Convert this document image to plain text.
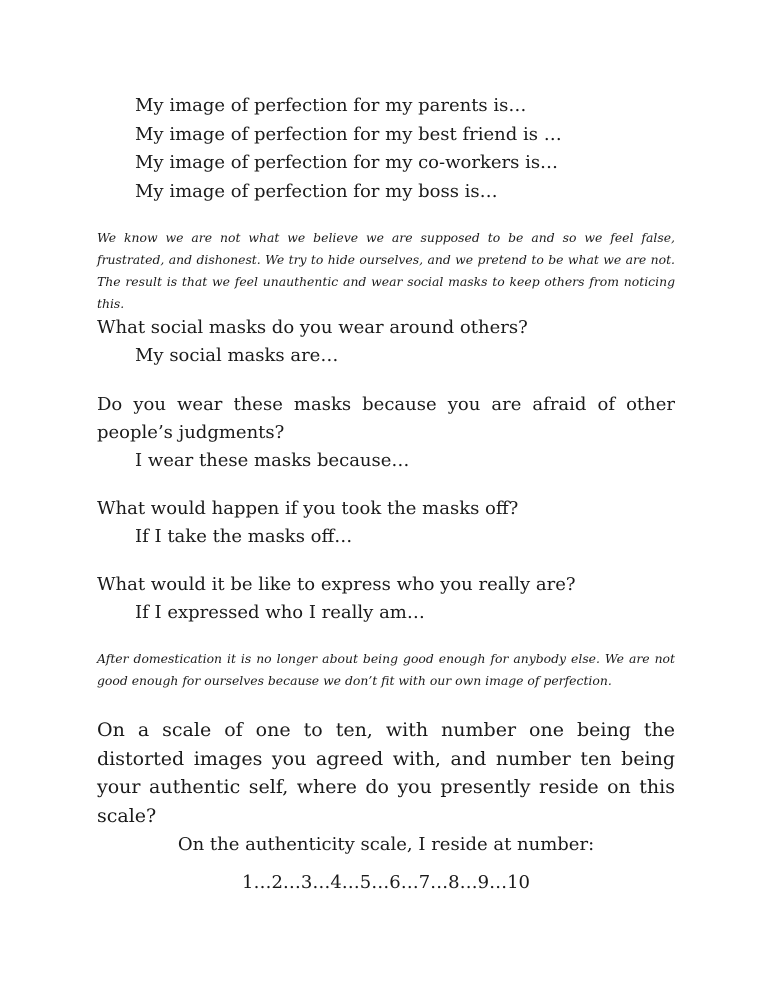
My image of perfection for my parents is…
My image of perfection for my best friend is …
My image of perfection for my co-workers is…
My image of perfection for my boss is…
We know we are not what we believe we are supposed to be and so we feel false, frustrated, and dishonest. We try to hide ourselves, and we pretend to be what we are not. The result is that we feel unauthentic and wear social masks to keep others from noticing this.
What social masks do you wear around others?
My social masks are…
Do you wear these masks because you are afraid of other people’s judgments?
I wear these masks because…
What would happen if you took the masks off?
If I take the masks off…
What would it be like to express who you really are?
If I expressed who I really am…
After domestication it is no longer about being good enough for anybody else. We are not good enough for ourselves because we don’t fit with our own image of perfection.
On a scale of one to ten, with number one being the distorted images you agreed with, and number ten being your authentic self, where do you presently reside on this scale?
On the authenticity scale, I reside at number:
1…2…3…4…5…6…7…8…9…10
